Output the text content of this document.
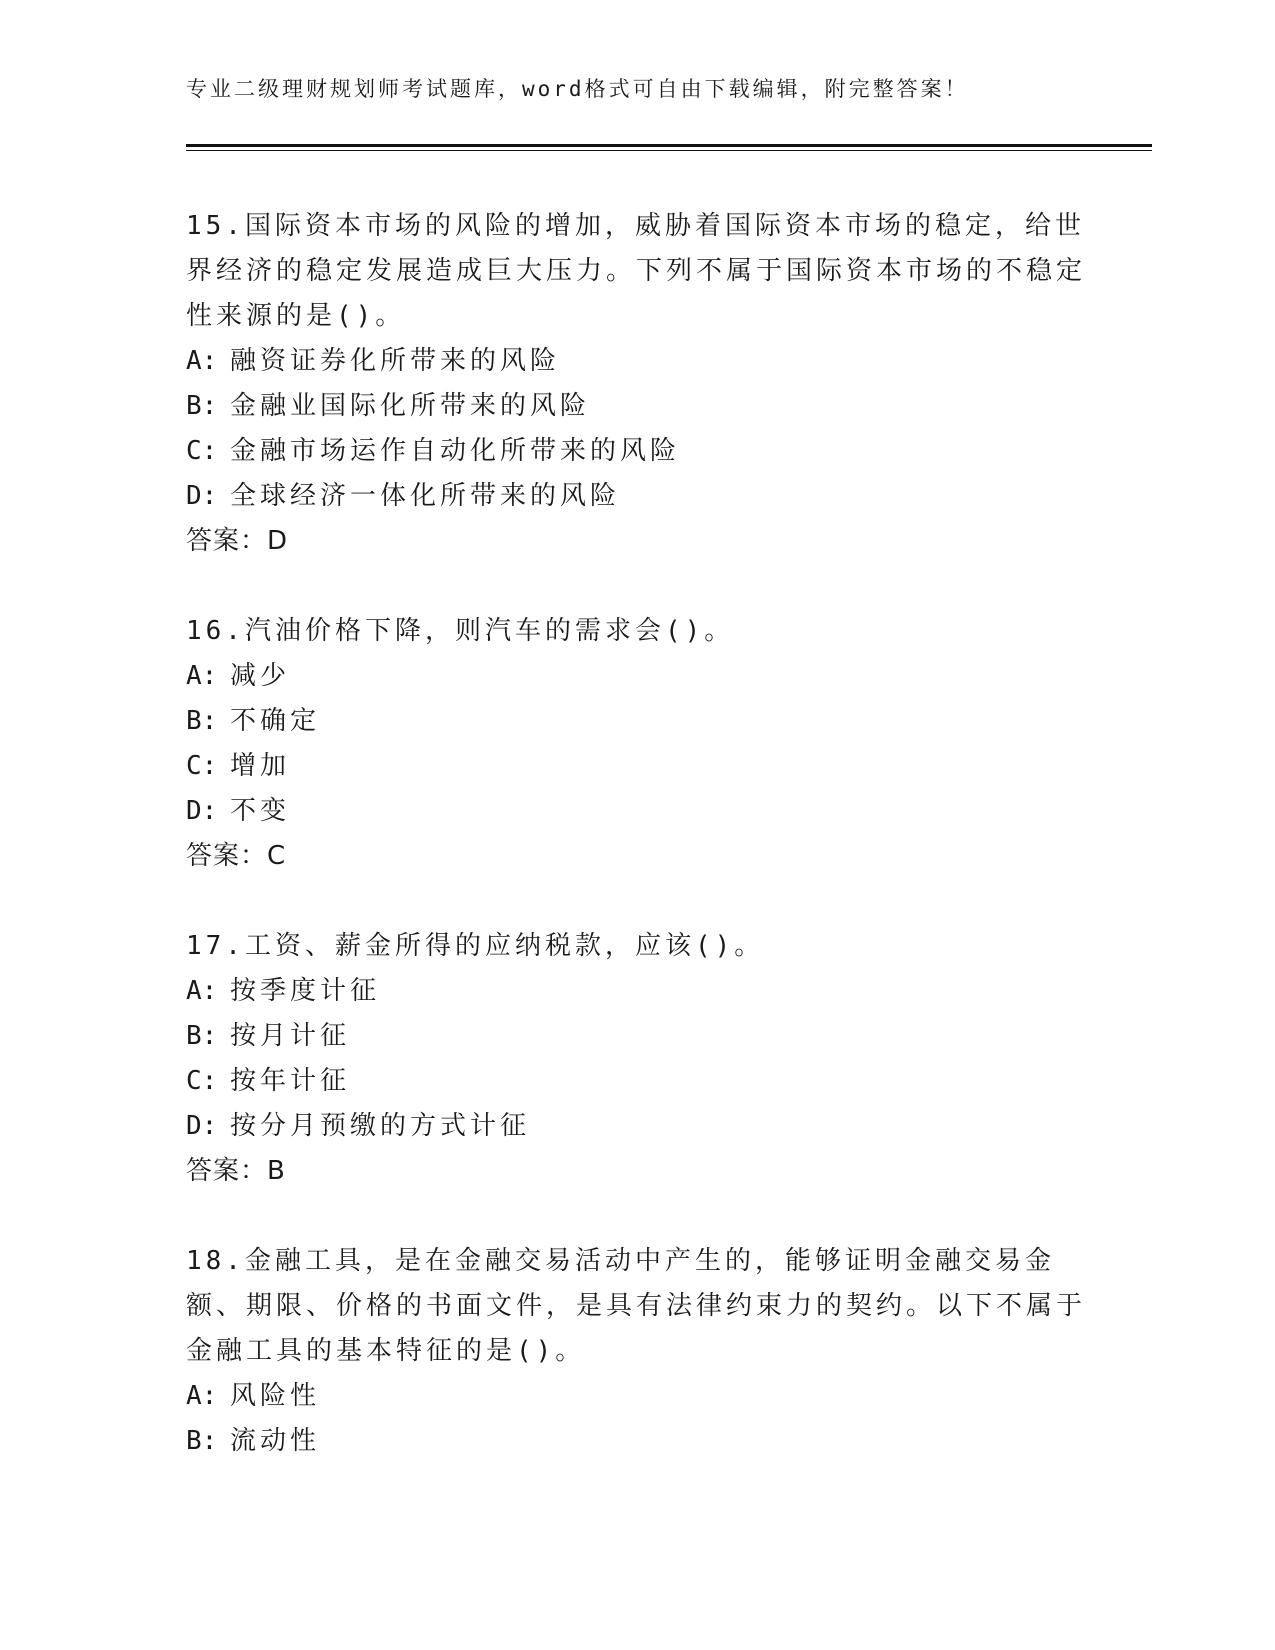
专业二级理财规划师考试题库，word格式可自由下载编辑，附完整答案！
15.国际资本市场的风险的增加，威胁着国际资本市场的稳定，给世界经济的稳定发展造成巨大压力。下列不属于国际资本市场的不稳定性来源的是()。
A: 融资证券化所带来的风险
B: 金融业国际化所带来的风险
C: 金融市场运作自动化所带来的风险
D: 全球经济一体化所带来的风险
答案：D
16.汽油价格下降，则汽车的需求会()。
A: 减少
B: 不确定
C: 增加
D: 不变
答案：C
17.工资、薪金所得的应纳税款，应该()。
A: 按季度计征
B: 按月计征
C: 按年计征
D: 按分月预缴的方式计征
答案：B
18.金融工具，是在金融交易活动中产生的，能够证明金融交易金额、期限、价格的书面文件，是具有法律约束力的契约。以下不属于金融工具的基本特征的是()。
A: 风险性
B: 流动性
